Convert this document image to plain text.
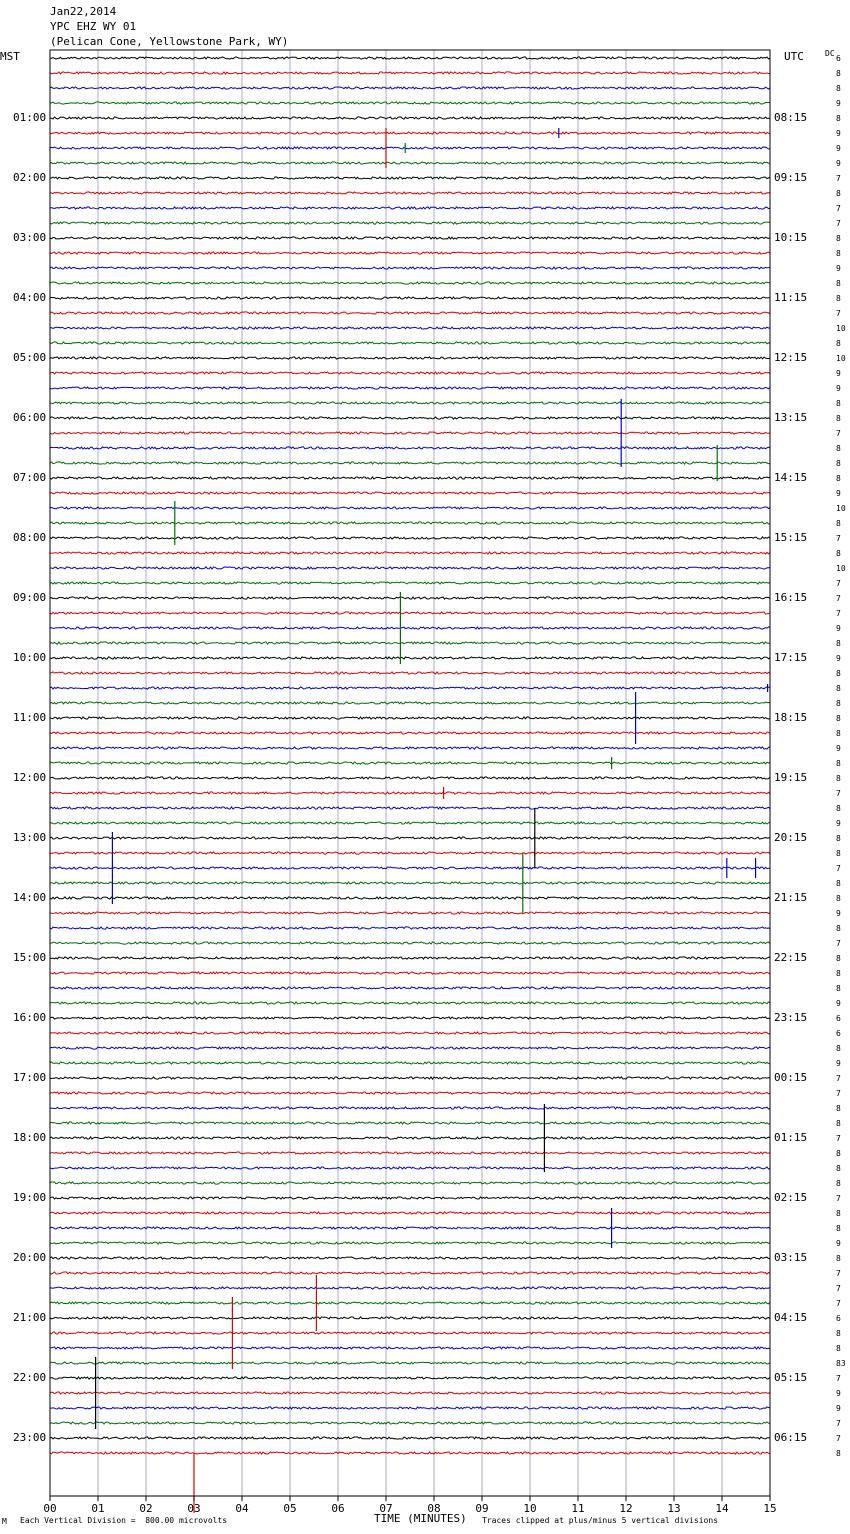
00	01	02	03	04	05	06	07	08	09	10	11	12	13	14	15
Jan22,2014
YPC EHZ WY 01
(Pelican Cone, Yellowstone Park, WY)
MST	UTC	DC
01:00
02:00
03:00
04:00
05:00
06:00
07:00
08:00
09:00
10:00
11:00
12:00
13:00
14:00
15:00
16:00
17:00
18:00
19:00
20:00
21:00
22:00
23:00
08:15
09:15
10:15
11:15
12:15
13:15
14:15
15:15
16:15
17:15
18:15
19:15
20:15
21:15
22:15
23:15
00:15
01:15
02:15
03:15
04:15
05:15
06:15
6
8
8
9
8
9
9
9
7
8
7
7
8
8
9
8
8
7
10
8
10
9
9
8
8
7
8
8
8
9
10
8
7
8
10
7
7
7
9
8
9
8
8
8
8
8
9
8
8
7
8
9
8
8
7
8
8
9
8
7
8
8
8
9
6
6
8
9
7
7
8
8
7
8
8
8
7
8
8
9
8
7
7
7
6
8
8
83
7
9
9
7
7
8
M Each Vertical Division =  800.00 microvolts	TIME (MINUTES) Traces clipped at plus/minus 5 vertical divisions
